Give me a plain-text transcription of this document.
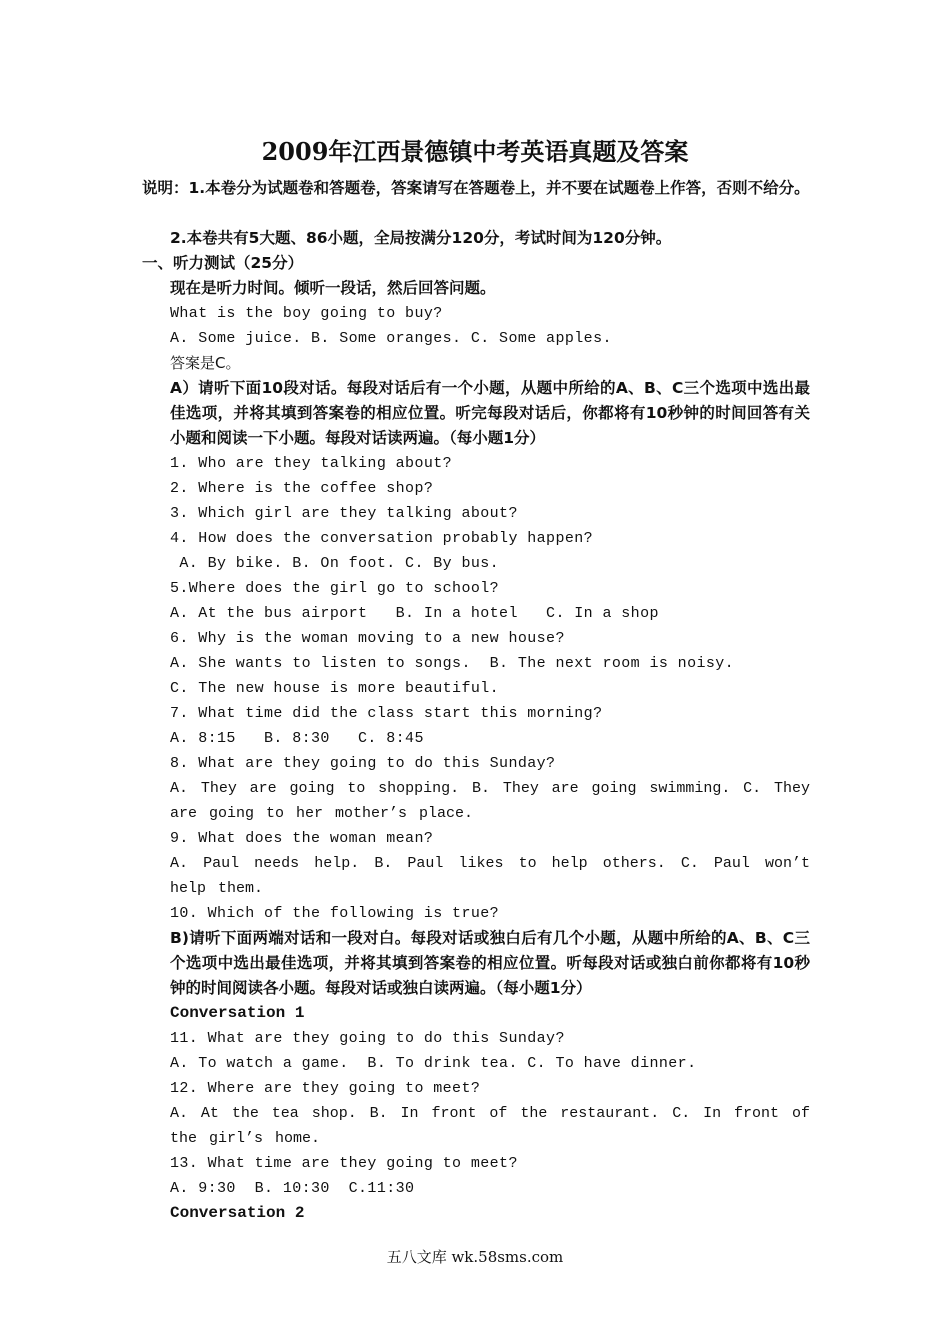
2009年江西景德镇中考英语真题及答案
说明：1.本卷分为试题卷和答题卷，答案请写在答题卷上，并不要在试题卷上作答，否则不给分。
2.本卷共有5大题、86小题，全局按满分120分，考试时间为120分钟。
一、听力测试（25分）
现在是听力时间。倾听一段话，然后回答问题。
What is the boy going to buy?
A. Some juice. B. Some oranges. C. Some apples.
答案是C。
A）请听下面10段对话。每段对话后有一个小题，从题中所给的A、B、C三个选项中选出最佳选项，并将其填到答案卷的相应位置。听完每段对话后，你都将有10秒钟的时间回答有关小题和阅读一下小题。每段对话读两遍。（每小题1分）
1. Who are they talking about?
2. Where is the coffee shop?
3. Which girl are they talking about?
4. How does the conversation probably happen?
A. By bike. B. On foot. C. By bus.
5.Where does the girl go to school?
A. At the bus airport   B. In a hotel   C. In a shop
6. Why is the woman moving to a new house?
A. She wants to listen to songs.  B. The next room is noisy.
C. The new house is more beautiful.
7. What time did the class start this morning?
A. 8:15   B. 8:30   C. 8:45
8. What are they going to do this Sunday?
A. They are going to shopping. B. They are going swimming. C. They are going to her mother’s place.
9. What does the woman mean?
A. Paul needs help. B. Paul likes to help others. C. Paul won’t help them.
10. Which of the following is true?
B)请听下面两端对话和一段对白。每段对话或独白后有几个小题，从题中所给的A、B、C三个选项中选出最佳选项，并将其填到答案卷的相应位置。听每段对话或独白前你都将有10秒钟的时间阅读各小题。每段对话或独白读两遍。（每小题1分）
Conversation 1
11. What are they going to do this Sunday?
A. To watch a game.  B. To drink tea. C. To have dinner.
12. Where are they going to meet?
A. At the tea shop. B. In front of the restaurant. C. In front of the girl’s home.
13. What time are they going to meet?
A. 9:30  B. 10:30  C.11:30
Conversation 2
五八文库 wk.58sms.com
